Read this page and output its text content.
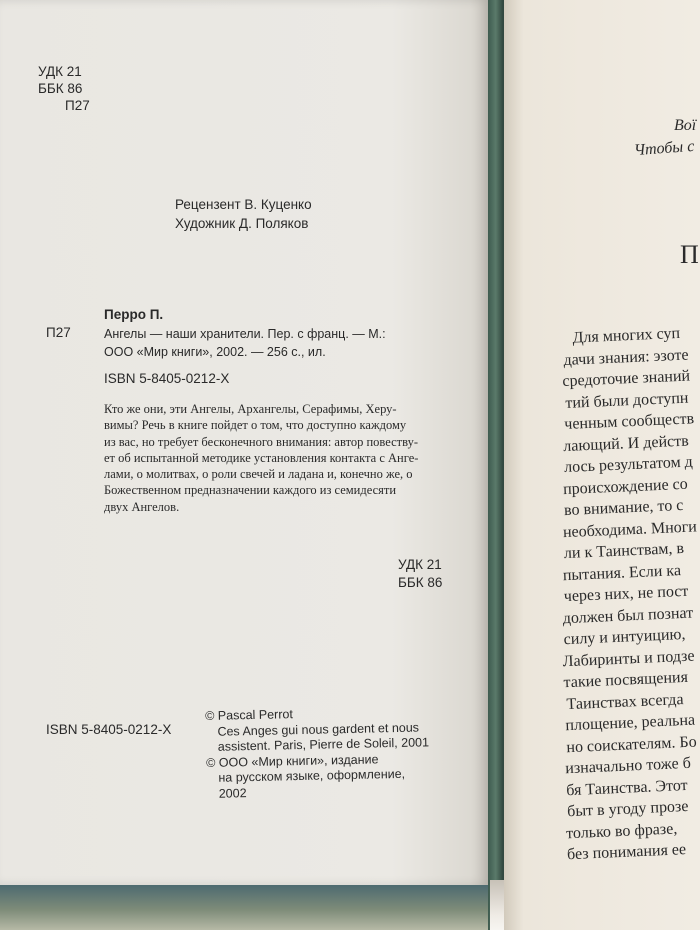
УДК 21
ББК 86
П27
Рецензент В. Куценко
Художник Д. Поляков
Перро П.
П27	Ангелы — наши хранители. Пер. с франц. — М.:
ООО «Мир книги», 2002. — 256 с., ил.
ISBN 5-8405-0212-X
Кто же они, эти Ангелы, Архангелы, Серафимы, Херу-
вимы? Речь в книге пойдет о том, что доступно каждому
из вас, но требует бесконечного внимания: автор повеству-
ет об испытанной методике установления контакта с Анге-
лами, о молитвах, о роли свечей и ладана и, конечно же, о
Божественном предназначении каждого из семидесяти
двух Ангелов.
УДК 21
ББК 86
ISBN 5-8405-0212-X
© Pascal Perrot
Ces Anges gui nous gardent et nous
assistent. Paris, Pierre de Soleil, 2001
© ООО «Мир книги», издание
на русском языке, оформление,
2002
Вої
Чтобы с
П
Для многих суп
дачи знания: эзоте
средоточие знаний
тий были доступн
ченным сообществ
лающий. И действ
лось результатом д
происхождение со
во внимание, то с
необходима. Многи
ли к Таинствам, в
пытания. Если ка
через них, не пост
должен был познат
силу и интуицию,
Лабиринты и подзе
такие посвящения
Таинствах всегда
площение, реальна
но соискателям. Бо
изначально тоже б
бя Таинства. Этот
быт в угоду прозе
только во фразе,
без понимания ее
